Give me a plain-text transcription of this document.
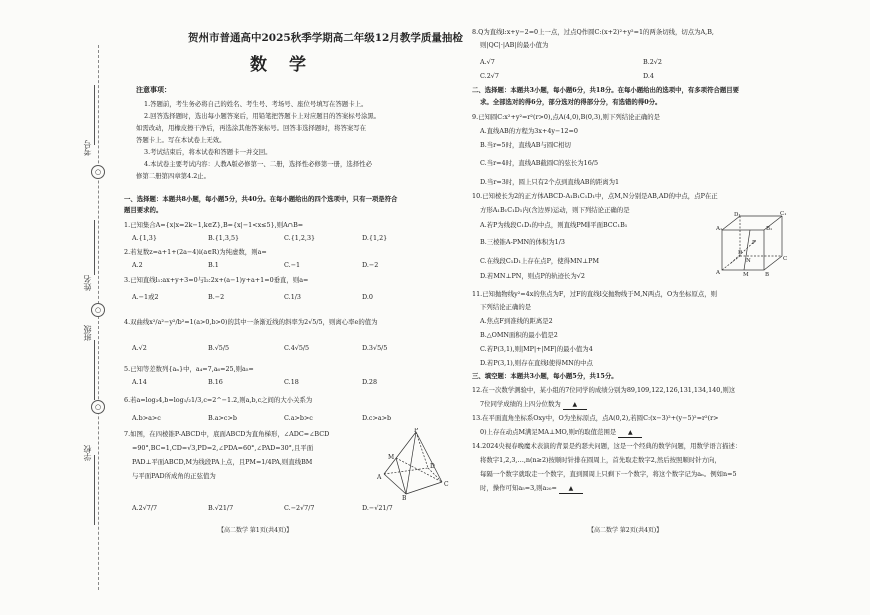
考号
○
姓名
○
班级
○
学校
贺州市普通高中2025秋季学期高二年级12月教学质量抽检
数学
注意事项：
1.答题前，考生务必将自己的姓名、考生号、考场号、座位号填写在答题卡上。
2.回答选择题时，选出每小题答案后，用铅笔把答题卡上对应题目的答案标号涂黑。
如需改动，用橡皮擦干净后，再选涂其他答案标号。回答非选择题时，将答案写在
答题卡上。写在本试卷上无效。
3.考试结束后，将本试卷和答题卡一并交回。
4.本试卷主要考试内容：人教A版必修第一、二册，选择性必修第一册，选择性必
修第二册第四章第4.2止。
一、选择题：本题共8小题，每小题5分，共40分。在每小题给出的四个选项中，只有一项是符合
题目要求的。
1.已知集合A={x|x=2k−1,k∈Z},B={x|−1<x≤5},则A∩B=
A.{1,3}	B.{1,3,5}	C.{1,2,3}	D.{1,2}
2.若复数z=a+1+(2a−4)i(a∈R)为纯虚数，则a=
A.2	B.1	C.−1	D.−2
3.已知直线l₁:ax+y+3=0与l₂:2x+(a−1)y+a+1=0垂直，则a=
A.−1或2	B.−2	C.1/3	D.0
4.双曲线x²/a²−y²/b²=1(a>0,b>0)的其中一条渐近线的斜率为2√5/5，则离心率e的值为
A.√2	B.√5/5	C.4√5/5	D.3√5/5
5.已知等差数列{aₙ}中，a₄=7,a₆=25,则a₅=
A.14	B.16	C.18	D.28
6.若a=log₃4,b=log₁/₂1/3,c=2^−1.2,则a,b,c之间的大小关系为
A.b>a>c	B.a>c>b	C.a>b>c	D.c>a>b
7.如图，在四棱锥P-ABCD中，底面ABCD为直角梯形，∠ADC=∠BCD
=90°,BC=1,CD=√3,PD=2,∠PDA=60°,∠PAD=30°,且平面
PAD⊥平面ABCD,M为线段PA上点，且PM=1/4PA,则直线BM
与平面PAD所成角的正弦值为
A.2√7/7	B.√21/7	C.−2√7/7	D.−√21/7
P
M
A
D
B
C
【高二数学 第1页(共4页)】
8.Q为直线l:x+y−2=0上一点，过点Q作圆C:(x+2)²+y²=1的两条切线，切点为A,B,
则|QC|·|AB|的最小值为
A.√7	B.2√2
C.2√7	D.4
二、选择题：本题共3小题，每小题6分，共18分。在每小题给出的选项中，有多项符合题目要
求。全部选对的得6分，部分选对的得部分分，有选错的得0分。
9.已知圆C:x²+y²=r²(r>0),点A(4,0),B(0,3),则下列结论正确的是
A.直线AB的方程为3x+4y−12=0
B.当r=5时，直线AB与圆C相切
C.当r=4时，直线AB截圆C的弦长为16/5
D.当r=3时，圆上只有2个点到直线AB的距离为1
10.已知棱长为2的正方体ABCD-A₁B₁C₁D₁中，点M,N分别是AB,AD的中点，点P在正
方形A₁B₁C₁D₁内(含边界)运动，则下列结论正确的是
A.若P为线段C₁D₁的中点，则直线PM∥平面BCC₁B₁
B.三棱锥A-PMN的体积为1/3
C.在线段C₁D₁上存在点P，使得MN⊥PM
D.若MN⊥PN，则点P的轨迹长为√2
D₁	C₁
A₁	B₁
P
N
D
C
A	M	B
11.已知抛物线y²=4x的焦点为F，过F的直线l交抛物线于M,N两点，O为坐标原点，则
下列结论正确的是
A.焦点F到准线的距离是2
B.△OMN面积的最小值是2
C.若P(3,1),则|MP|+|MF|的最小值为4
D.若P(3,1),则存在直线l使得MN的中点
三、填空题：本题共3小题，每小题5分，共15分。
12.在一次数学测验中，某小组的7位同学的成绩分别为89,109,122,126,131,134,140,则这
7位同学成绩的上四分位数为 ▲
13.在平面直角坐标系Oxy中，O为坐标原点，点A(0,2),若圆C:(x−3)²+(y−5)²=r²(r>
0)上存在动点M满足MA⊥MO,则r的取值范围是 ▲
14.2024央视春晚魔术表演的背景是约瑟夫问题，这是一个经典的数学问题，用数学语言描述：
将数字1,2,3,…,n(n≥2)按顺时针排在圆周上，首先取走数字2,然后按照顺时针方向，
每隔一个数字就取走一个数字，直到圆周上只剩下一个数字，将这个数字记为aₙ。例如n=5
时，操作可知a₅=3,则a₂₀= ▲
【高二数学 第2页(共4页)】
